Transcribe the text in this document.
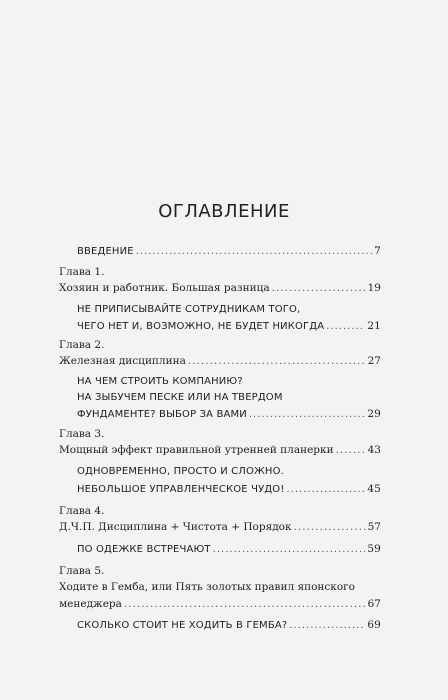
ОГЛАВЛЕНИЕ
ВВЕДЕНИЕ .....	7
Глава 1.
Хозяин и работник. Большая разница .....	19
НЕ ПРИПИСЫВАЙТЕ СОТРУДНИКАМ ТОГО,
ЧЕГО НЕТ И, ВОЗМОЖНО, НЕ БУДЕТ НИКОГДА .....	21
Глава 2.
Железная дисциплина .....	27
НА ЧЕМ СТРОИТЬ КОМПАНИЮ?
НА ЗЫБУЧЕМ ПЕСКЕ ИЛИ НА ТВЕРДОМ
ФУНДАМЕНТЕ? ВЫБОР ЗА ВАМИ .....	29
Глава 3.
Мощный эффект правильной утренней планерки .....	43
ОДНОВРЕМЕННО, ПРОСТО И СЛОЖНО.
НЕБОЛЬШОЕ УПРАВЛЕНЧЕСКОЕ ЧУДО! .....	45
Глава 4.
Д.Ч.П. Дисциплина + Чистота + Порядок .....	57
ПО ОДЕЖКЕ ВСТРЕЧАЮТ .....	59
Глава 5.
Ходите в Гемба, или Пять золотых правил японского
менеджера .....	67
СКОЛЬКО СТОИТ НЕ ХОДИТЬ В ГЕМБА? .....	69
